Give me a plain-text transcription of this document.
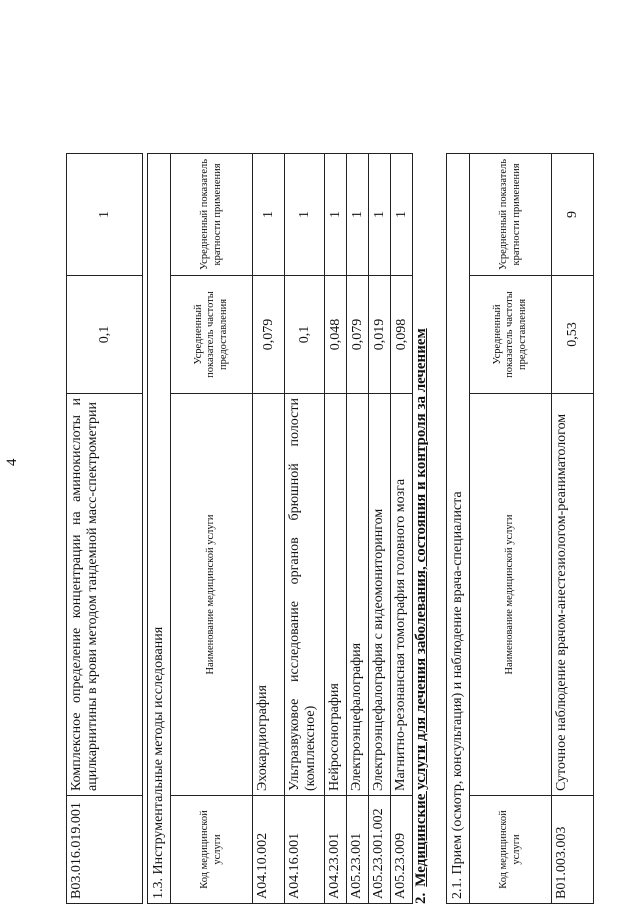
4
B03.016.019.001	Комплексное определение концентрации на аминокислоты и ацилкарнитины в крови методом тандемной масс-спектрометрии	0,1	1
1.3. Инструментальные методы исследования			
Код медицинской услуги	Наименование медицинской услуги	Усредненный показатель частоты предоставления	Усредненный показатель кратности применения
A04.10.002	Эхокардиография	0,079	1
A04.16.001	Ультразвуковое исследование органов брюшной полости (комплексное)	0,1	1
A04.23.001	Нейросонография	0,048	1
A05.23.001	Электроэнцефалография	0,079	1
A05.23.001.002	Электроэнцефалография с видеомониторингом	0,019	1
A05.23.009	Магнитно-резонансная томография головного мозга	0,098	1
2.Медицинские услуги для лечения заболевания, состояния и контроля за лечением 2.1. Прием (осмотр, консультация) и наблюдение врача-специалиста			
Код медицинской услуги	Наименование медицинской услуги	Усредненный показатель частоты предоставления	Усредненный показатель кратности применения
B01.003.003	Суточное наблюдение врачом-анестезиологом-реаниматологом	0,53	9
